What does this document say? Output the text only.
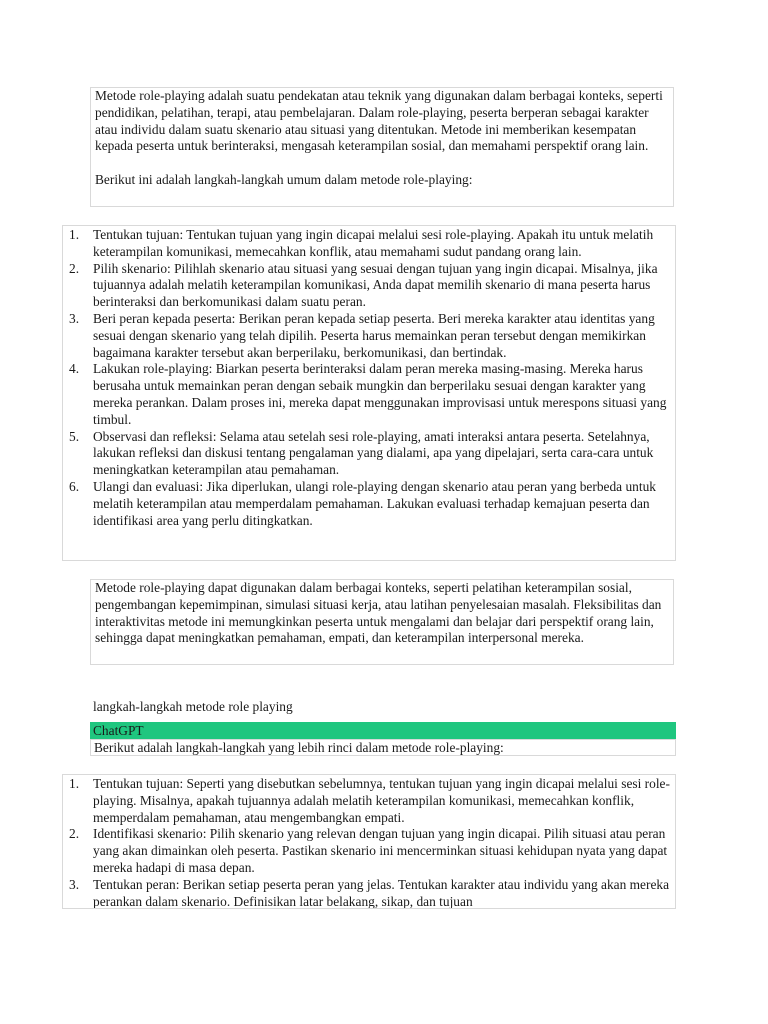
Metode role-playing adalah suatu pendekatan atau teknik yang digunakan dalam berbagai konteks, seperti pendidikan, pelatihan, terapi, atau pembelajaran. Dalam role-playing, peserta berperan sebagai karakter atau individu dalam suatu skenario atau situasi yang ditentukan. Metode ini memberikan kesempatan kepada peserta untuk berinteraksi, mengasah keterampilan sosial, dan memahami perspektif orang lain.

Berikut ini adalah langkah-langkah umum dalam metode role-playing:

1. Tentukan tujuan: Tentukan tujuan yang ingin dicapai melalui sesi role-playing. Apakah itu untuk melatih keterampilan komunikasi, memecahkan konflik, atau memahami sudut pandang orang lain.
2. Pilih skenario: Pilihlah skenario atau situasi yang sesuai dengan tujuan yang ingin dicapai. Misalnya, jika tujuannya adalah melatih keterampilan komunikasi, Anda dapat memilih skenario di mana peserta harus berinteraksi dan berkomunikasi dalam suatu peran.
3. Beri peran kepada peserta: Berikan peran kepada setiap peserta. Beri mereka karakter atau identitas yang sesuai dengan skenario yang telah dipilih. Peserta harus memainkan peran tersebut dengan memikirkan bagaimana karakter tersebut akan berperilaku, berkomunikasi, dan bertindak.
4. Lakukan role-playing: Biarkan peserta berinteraksi dalam peran mereka masing-masing. Mereka harus berusaha untuk memainkan peran dengan sebaik mungkin dan berperilaku sesuai dengan karakter yang mereka perankan. Dalam proses ini, mereka dapat menggunakan improvisasi untuk merespons situasi yang timbul.
5. Observasi dan refleksi: Selama atau setelah sesi role-playing, amati interaksi antara peserta. Setelahnya, lakukan refleksi dan diskusi tentang pengalaman yang dialami, apa yang dipelajari, serta cara-cara untuk meningkatkan keterampilan atau pemahaman.
6. Ulangi dan evaluasi: Jika diperlukan, ulangi role-playing dengan skenario atau peran yang berbeda untuk melatih keterampilan atau memperdalam pemahaman. Lakukan evaluasi terhadap kemajuan peserta dan identifikasi area yang perlu ditingkatkan.

Metode role-playing dapat digunakan dalam berbagai konteks, seperti pelatihan keterampilan sosial, pengembangan kepemimpinan, simulasi situasi kerja, atau latihan penyelesaian masalah. Fleksibilitas dan interaktivitas metode ini memungkinkan peserta untuk mengalami dan belajar dari perspektif orang lain, sehingga dapat meningkatkan pemahaman, empati, dan keterampilan interpersonal mereka.

langkah-langkah metode role playing

ChatGPT
Berikut adalah langkah-langkah yang lebih rinci dalam metode role-playing:
1. Tentukan tujuan: Seperti yang disebutkan sebelumnya, tentukan tujuan yang ingin dicapai melalui sesi role-playing. Misalnya, apakah tujuannya adalah melatih keterampilan komunikasi, memecahkan konflik, memperdalam pemahaman, atau mengembangkan empati.
2. Identifikasi skenario: Pilih skenario yang relevan dengan tujuan yang ingin dicapai. Pilih situasi atau peran yang akan dimainkan oleh peserta. Pastikan skenario ini mencerminkan situasi kehidupan nyata yang dapat mereka hadapi di masa depan.
3. Tentukan peran: Berikan setiap peserta peran yang jelas. Tentukan karakter atau individu yang akan mereka perankan dalam skenario. Definisikan latar belakang, sikap, dan tujuan
